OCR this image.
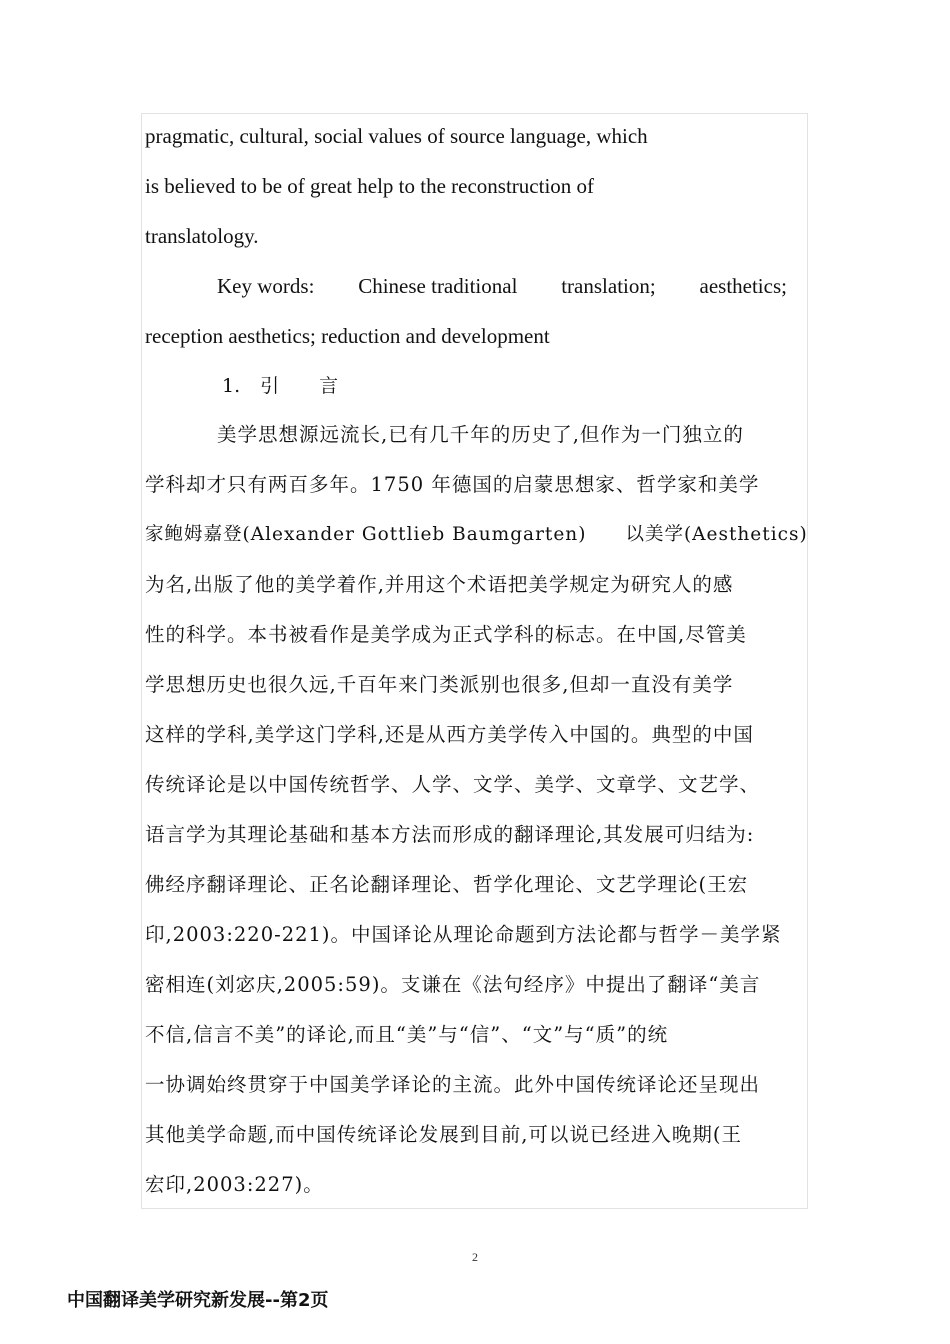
pragmatic, cultural, social values of source language, which
is believed to be of great help to the reconstruction of
translatology.
Key words: Chinese traditional translation; aesthetics;
reception aesthetics; reduction and development
1. 引 言
美学思想源远流长,已有几千年的历史了,但作为一门独立的
学科却才只有两百多年。1750 年德国的启蒙思想家、哲学家和美学
家鲍姆嘉登(Alexander Gottlieb Baumgarten)　　以美学(Aesthetics)
为名,出版了他的美学着作,并用这个术语把美学规定为研究人的感
性的科学。本书被看作是美学成为正式学科的标志。在中国,尽管美
学思想历史也很久远,千百年来门类派别也很多,但却一直没有美学
这样的学科,美学这门学科,还是从西方美学传入中国的。典型的中国
传统译论是以中国传统哲学、人学、文学、美学、文章学、文艺学、
语言学为其理论基础和基本方法而形成的翻译理论,其发展可归结为:
佛经序翻译理论、正名论翻译理论、哲学化理论、文艺学理论(王宏
印,2003:220-221)。中国译论从理论命题到方法论都与哲学－美学紧
密相连(刘宓庆,2005:59)。支谦在《法句经序》中提出了翻译“美言
不信,信言不美”的译论,而且“美”与“信”、“文”与“质”的统
一协调始终贯穿于中国美学译论的主流。此外中国传统译论还呈现出
其他美学命题,而中国传统译论发展到目前,可以说已经进入晚期(王
宏印,2003:227)。
2
中国翻译美学研究新发展--第2页
